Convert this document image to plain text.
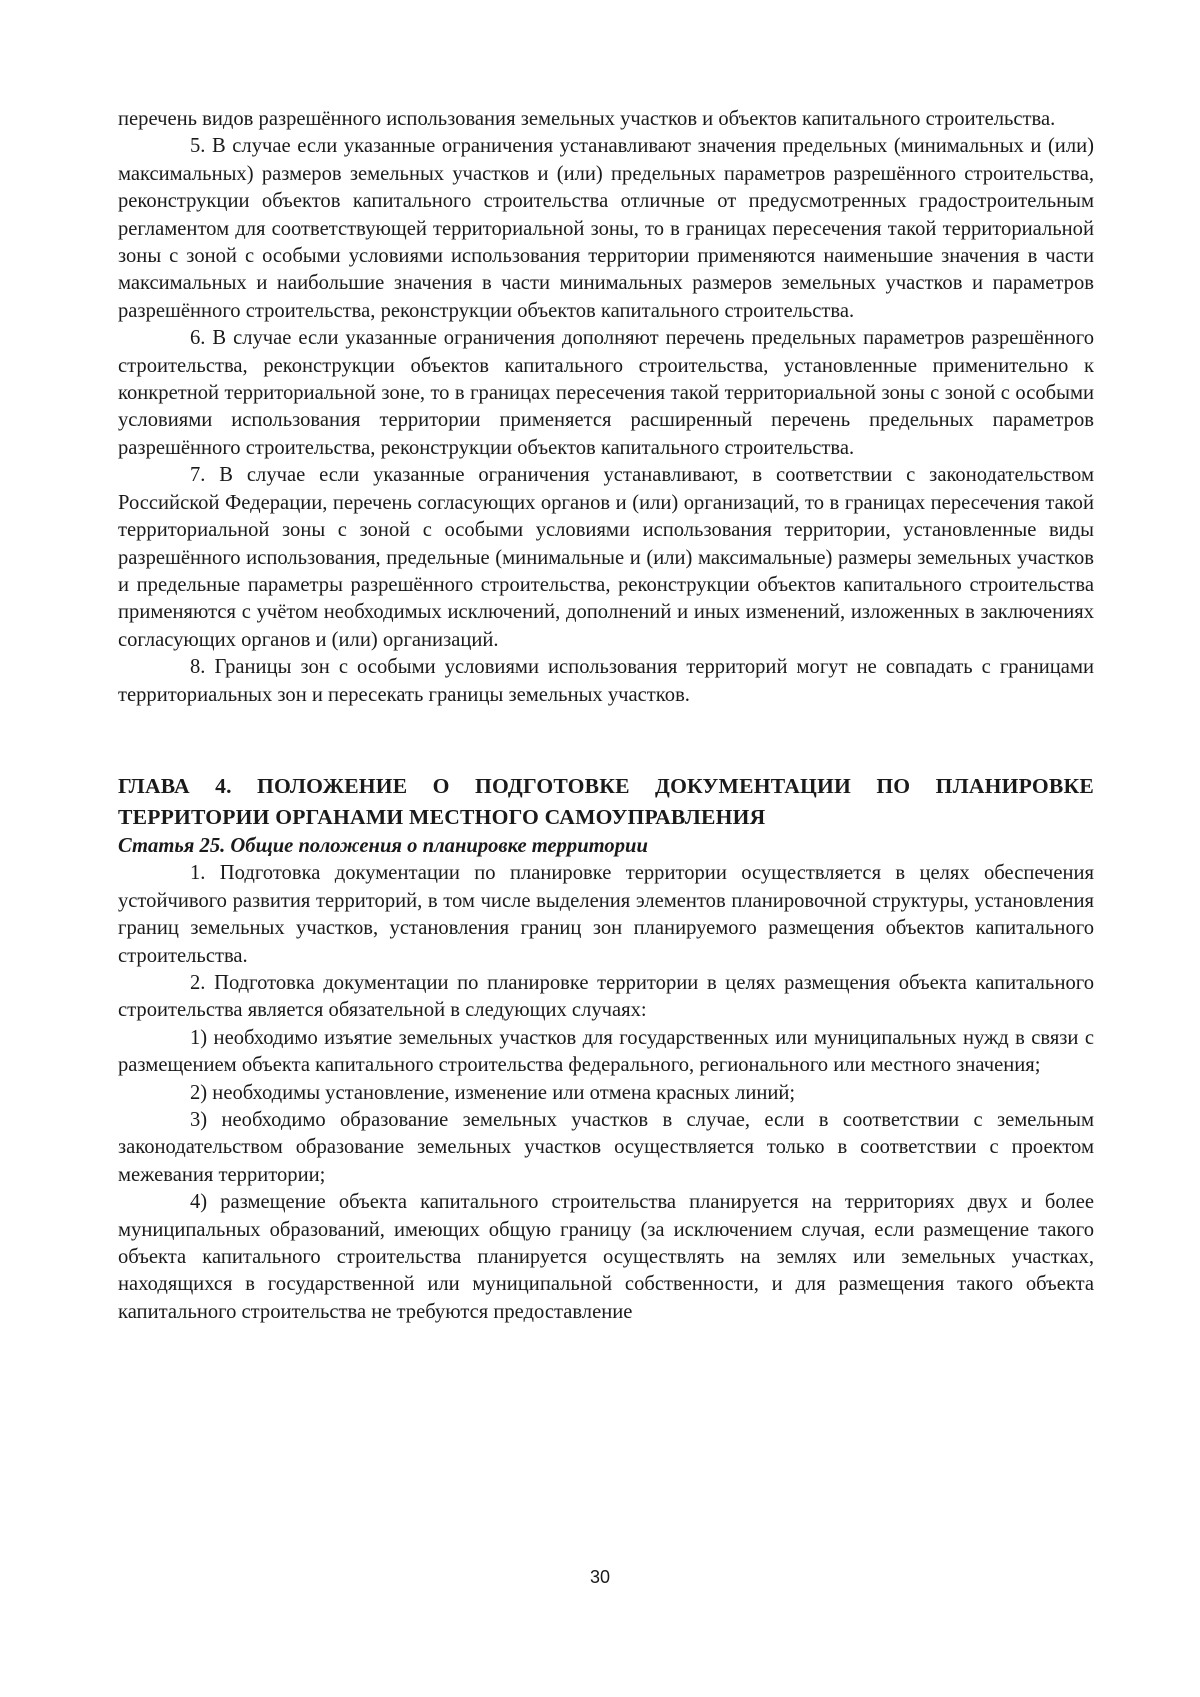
перечень видов разрешённого использования земельных участков и объектов капитального строительства.

5. В случае если указанные ограничения устанавливают значения предельных (минимальных и (или) максимальных) размеров земельных участков и (или) предельных параметров разрешённого строительства, реконструкции объектов капитального строительства отличные от предусмотренных градостроительным регламентом для соответствующей территориальной зоны, то в границах пересечения такой территориальной зоны с зоной с особыми условиями использования территории применяются наименьшие значения в части максимальных и наибольшие значения в части минимальных размеров земельных участков и параметров разрешённого строительства, реконструкции объектов капитального строительства.

6. В случае если указанные ограничения дополняют перечень предельных параметров разрешённого строительства, реконструкции объектов капитального строительства, установленные применительно к конкретной территориальной зоне, то в границах пересечения такой территориальной зоны с зоной с особыми условиями использования территории применяется расширенный перечень предельных параметров разрешённого строительства, реконструкции объектов капитального строительства.

7. В случае если указанные ограничения устанавливают, в соответствии с законодательством Российской Федерации, перечень согласующих органов и (или) организаций, то в границах пересечения такой территориальной зоны с зоной с особыми условиями использования территории, установленные виды разрешённого использования, предельные (минимальные и (или) максимальные) размеры земельных участков и предельные параметры разрешённого строительства, реконструкции объектов капитального строительства применяются с учётом необходимых исключений, дополнений и иных изменений, изложенных в заключениях согласующих органов и (или) организаций.

8. Границы зон с особыми условиями использования территорий могут не совпадать с границами территориальных зон и пересекать границы земельных участков.

ГЛАВА 4. ПОЛОЖЕНИЕ О ПОДГОТОВКЕ ДОКУМЕНТАЦИИ ПО ПЛАНИРОВКЕ ТЕРРИТОРИИ ОРГАНАМИ МЕСТНОГО САМОУПРАВЛЕНИЯ

Статья 25. Общие положения о планировке территории

1. Подготовка документации по планировке территории осуществляется в целях обеспечения устойчивого развития территорий, в том числе выделения элементов планировочной структуры, установления границ земельных участков, установления границ зон планируемого размещения объектов капитального строительства.

2. Подготовка документации по планировке территории в целях размещения объекта капитального строительства является обязательной в следующих случаях:

1) необходимо изъятие земельных участков для государственных или муниципальных нужд в связи с размещением объекта капитального строительства федерального, регионального или местного значения;

2) необходимы установление, изменение или отмена красных линий;

3) необходимо образование земельных участков в случае, если в соответствии с земельным законодательством образование земельных участков осуществляется только в соответствии с проектом межевания территории;

4) размещение объекта капитального строительства планируется на территориях двух и более муниципальных образований, имеющих общую границу (за исключением случая, если размещение такого объекта капитального строительства планируется осуществлять на землях или земельных участках, находящихся в государственной или муниципальной собственности, и для размещения такого объекта капитального строительства не требуются предоставление

30
